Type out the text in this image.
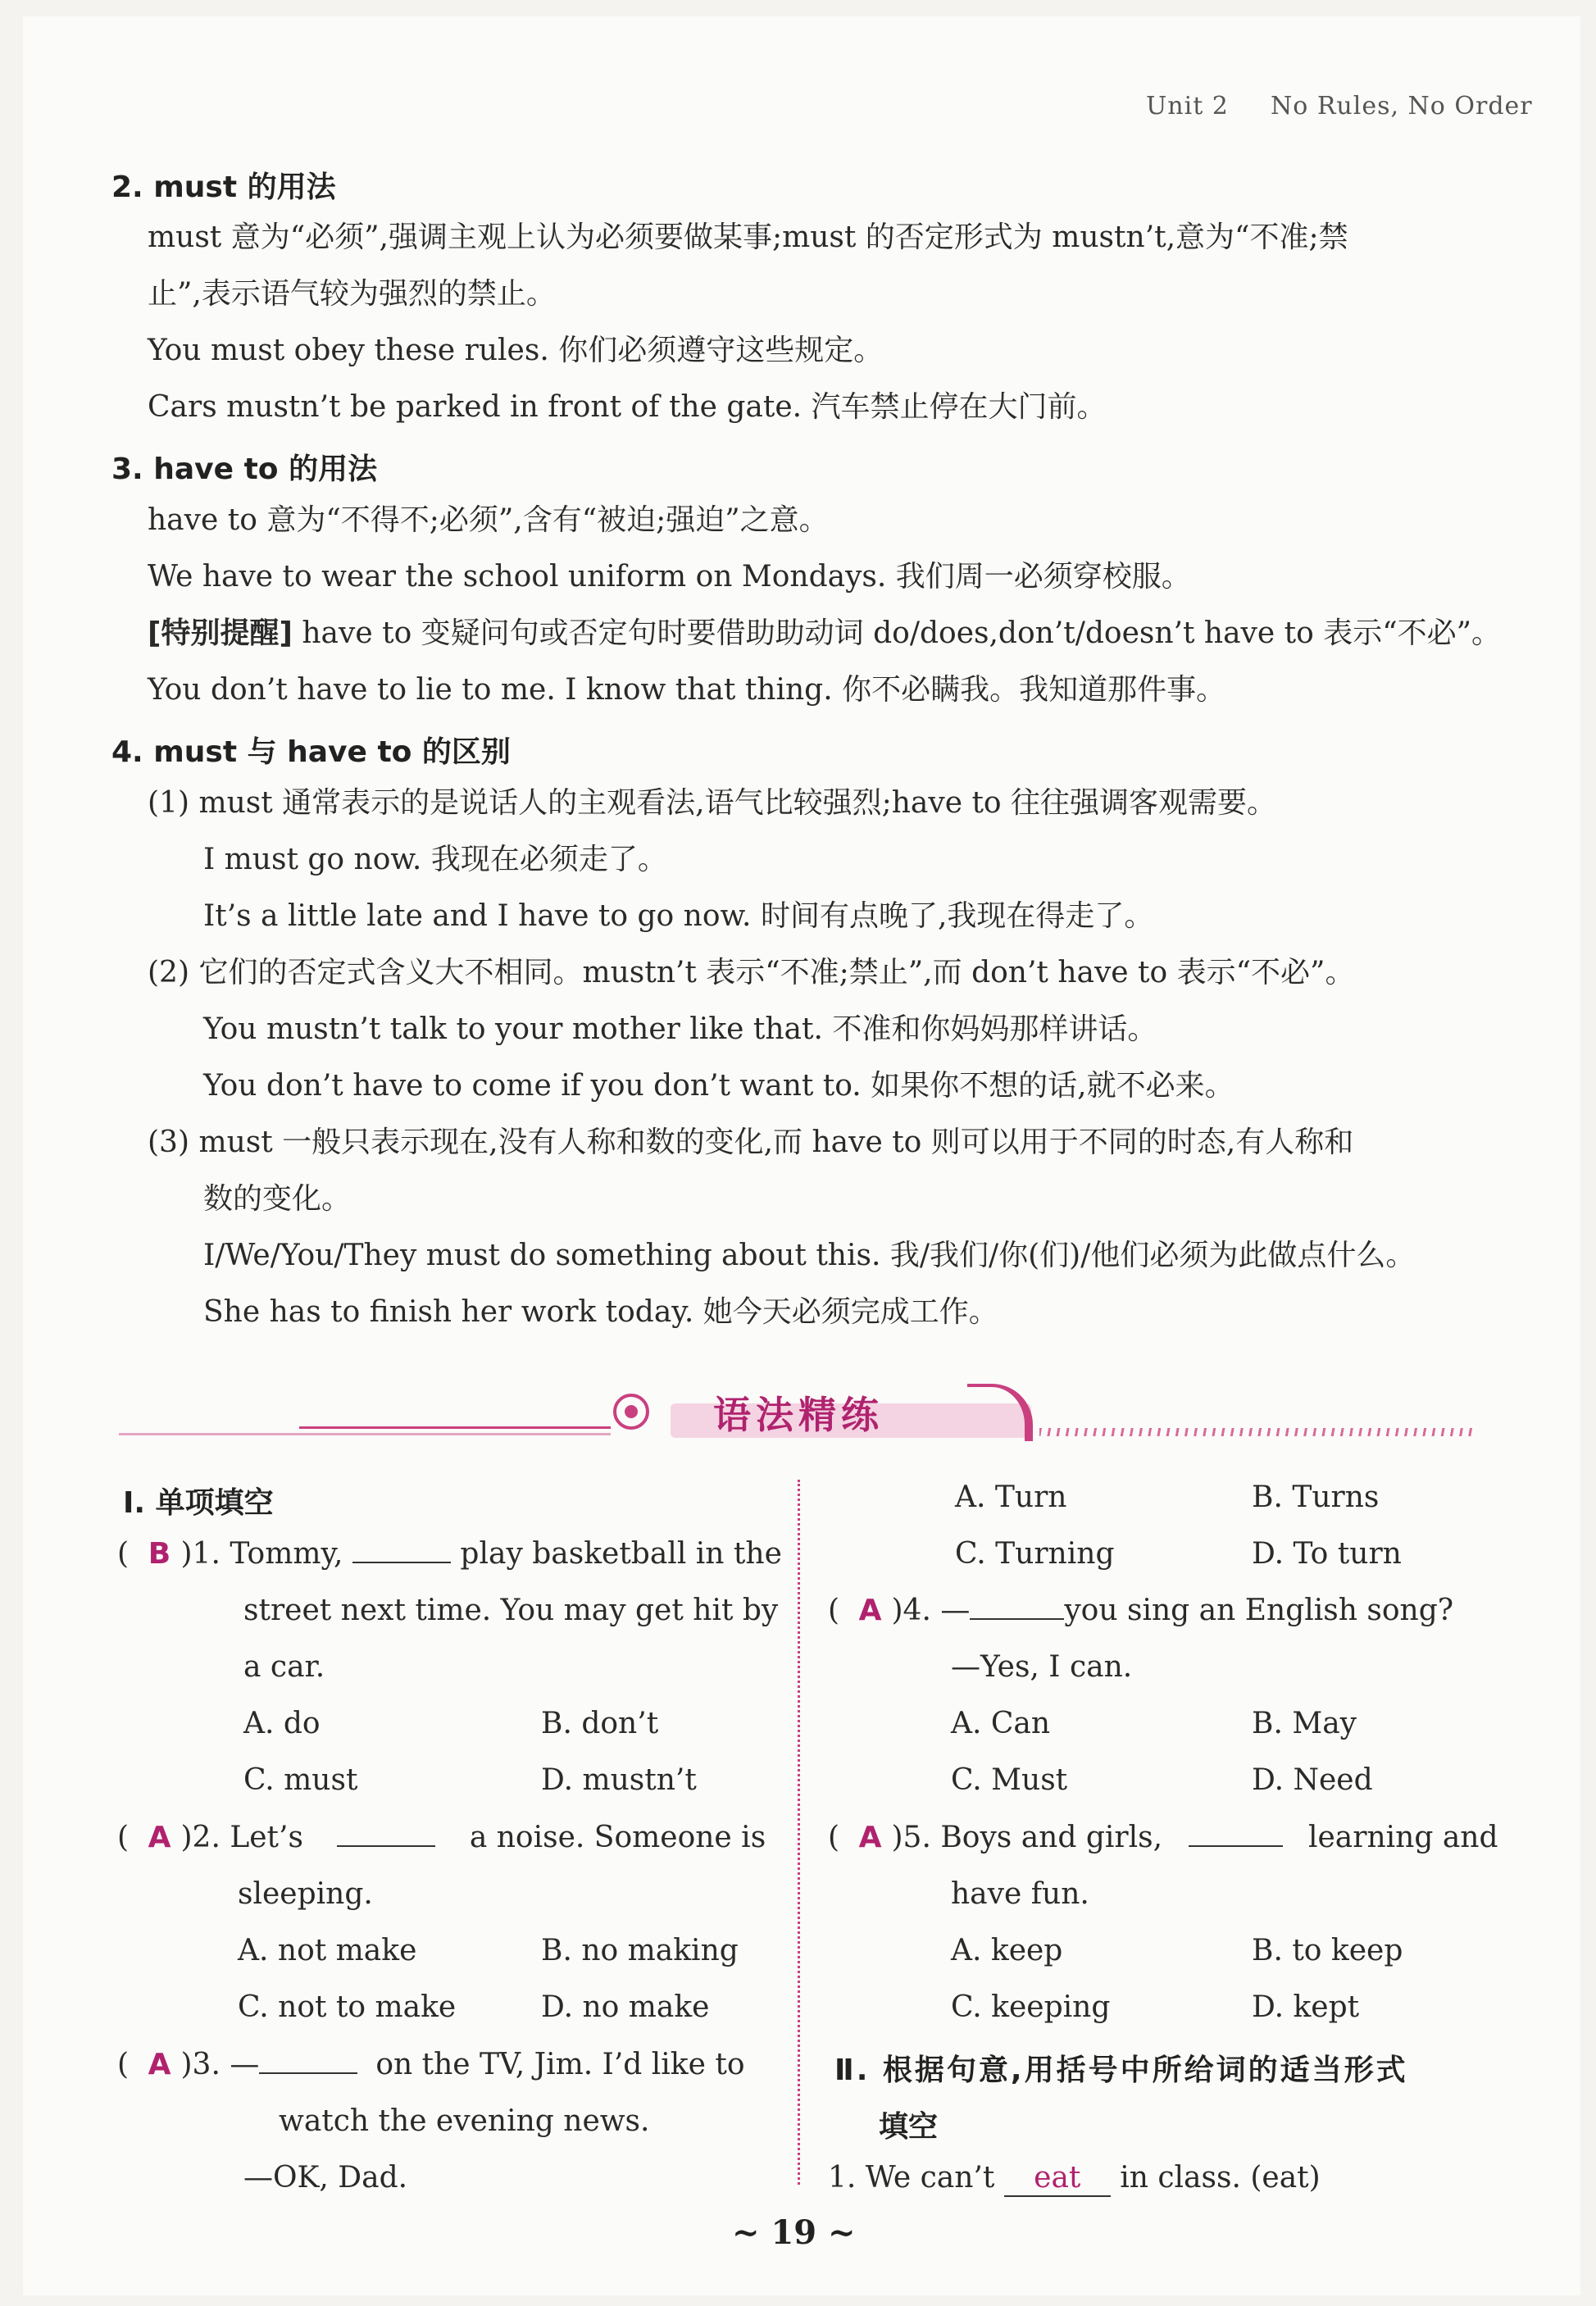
Unit 2 No Rules, No Order
2. must 的用法
must 意为“必须”,强调主观上认为必须要做某事;must 的否定形式为 mustn’t,意为“不准;禁
止”,表示语气较为强烈的禁止。
You must obey these rules. 你们必须遵守这些规定。
Cars mustn’t be parked in front of the gate. 汽车禁止停在大门前。
3. have to 的用法
have to 意为“不得不;必须”,含有“被迫;强迫”之意。
We have to wear the school uniform on Mondays. 我们周一必须穿校服。
[特别提醒] have to 变疑问句或否定句时要借助助动词 do/does,don’t/doesn’t have to 表示“不必”。
You don’t have to lie to me. I know that thing. 你不必瞒我。我知道那件事。
4. must 与 have to 的区别
(1) must 通常表示的是说话人的主观看法,语气比较强烈;have to 往往强调客观需要。
I must go now. 我现在必须走了。
It’s a little late and I have to go now. 时间有点晚了,我现在得走了。
(2) 它们的否定式含义大不相同。mustn’t 表示“不准;禁止”,而 don’t have to 表示“不必”。
You mustn’t talk to your mother like that. 不准和你妈妈那样讲话。
You don’t have to come if you don’t want to. 如果你不想的话,就不必来。
(3) must 一般只表示现在,没有人称和数的变化,而 have to 则可以用于不同的时态,有人称和
数的变化。
I/We/You/They must do something about this. 我/我们/你(们)/他们必须为此做点什么。
She has to finish her work today. 她今天必须完成工作。
语法精练
Ⅰ. 单项填空
( B )1. Tommy,	play basketball in the
street next time. You may get hit by
a car.
A. do	B. don’t
C. must	D. mustn’t
( A )2. Let’s	a noise. Someone is
sleeping.
A. not make	B. no making
C. not to make	D. no make
( A )3. —	on the TV, Jim. I’d like to
watch the evening news.
—OK, Dad.
A. Turn	B. Turns
C. Turning	D. To turn
( A )4. —	you sing an English song?
—Yes, I can.
A. Can	B. May
C. Must	D. Need
( A )5. Boys and girls,	learning and
have fun.
A. keep	B. to keep
C. keeping	D. kept
Ⅱ. 根据句意,用括号中所给词的适当形式
填空
1. We can’t eat in class. (eat)
~ 19 ~
